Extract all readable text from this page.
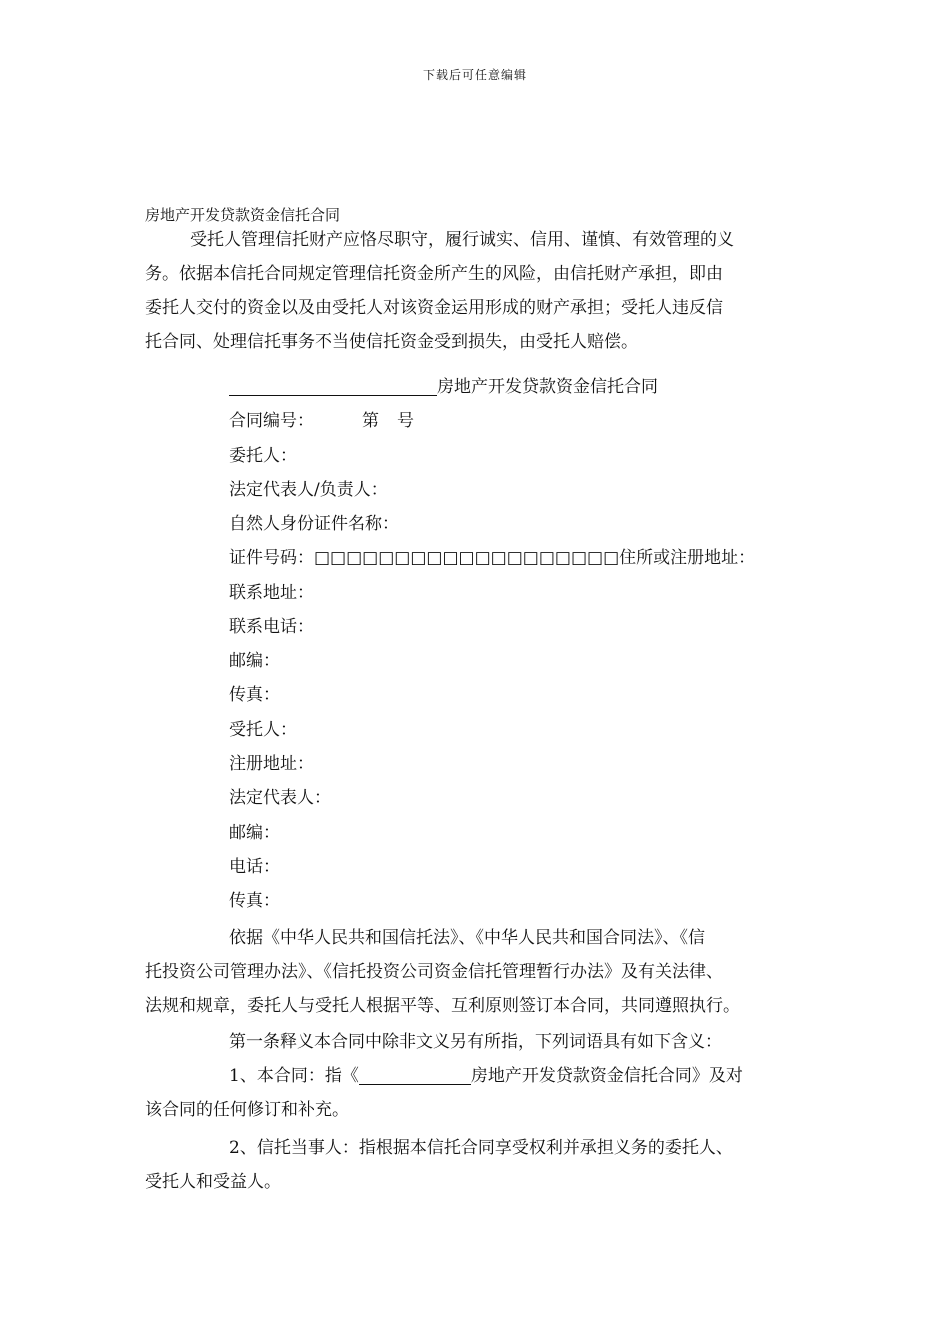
下载后可任意编辑
房地产开发贷款资金信托合同
受托人管理信托财产应恪尽职守，履行诚实、信用、谨慎、有效管理的义
务。依据本信托合同规定管理信托资金所产生的风险，由信托财产承担，即由
委托人交付的资金以及由受托人对该资金运用形成的财产承担；受托人违反信
托合同、处理信托事务不当使信托资金受到损失，由受托人赔偿。
房地产开发贷款资金信托合同
合同编号：	第 号
委托人：
法定代表人/负责人：
自然人身份证件名称：
证件号码：□□□□□□□□□□□□□□□□□□□住所或注册地址：
联系地址：
联系电话：
邮编：
传真：
受托人：
注册地址：
法定代表人：
邮编：
电话：
传真：
依据《中华人民共和国信托法》、《中华人民共和国合同法》、《信
托投资公司管理办法》、《信托投资公司资金信托管理暂行办法》及有关法律、
法规和规章，委托人与受托人根据平等、互利原则签订本合同，共同遵照执行。
第一条释义本合同中除非文义另有所指，下列词语具有如下含义：
1、本合同：指《	房地产开发贷款资金信托合同》及对
该合同的任何修订和补充。
2、信托当事人：指根据本信托合同享受权利并承担义务的委托人、
受托人和受益人。
